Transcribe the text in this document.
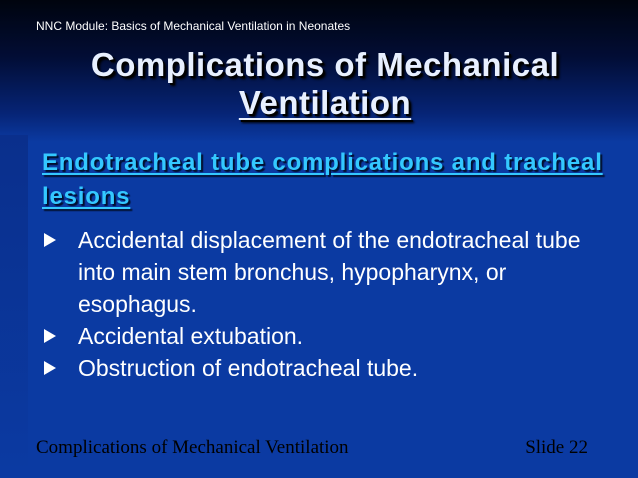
NNC Module: Basics of Mechanical Ventilation in Neonates
Complications of Mechanical
Ventilation
Endotracheal tube complications and tracheal lesions
Accidental displacement of the endotracheal tube into main stem bronchus, hypopharynx, or esophagus.
Accidental extubation.
Obstruction of endotracheal tube.
Complications of Mechanical Ventilation	Slide 22
